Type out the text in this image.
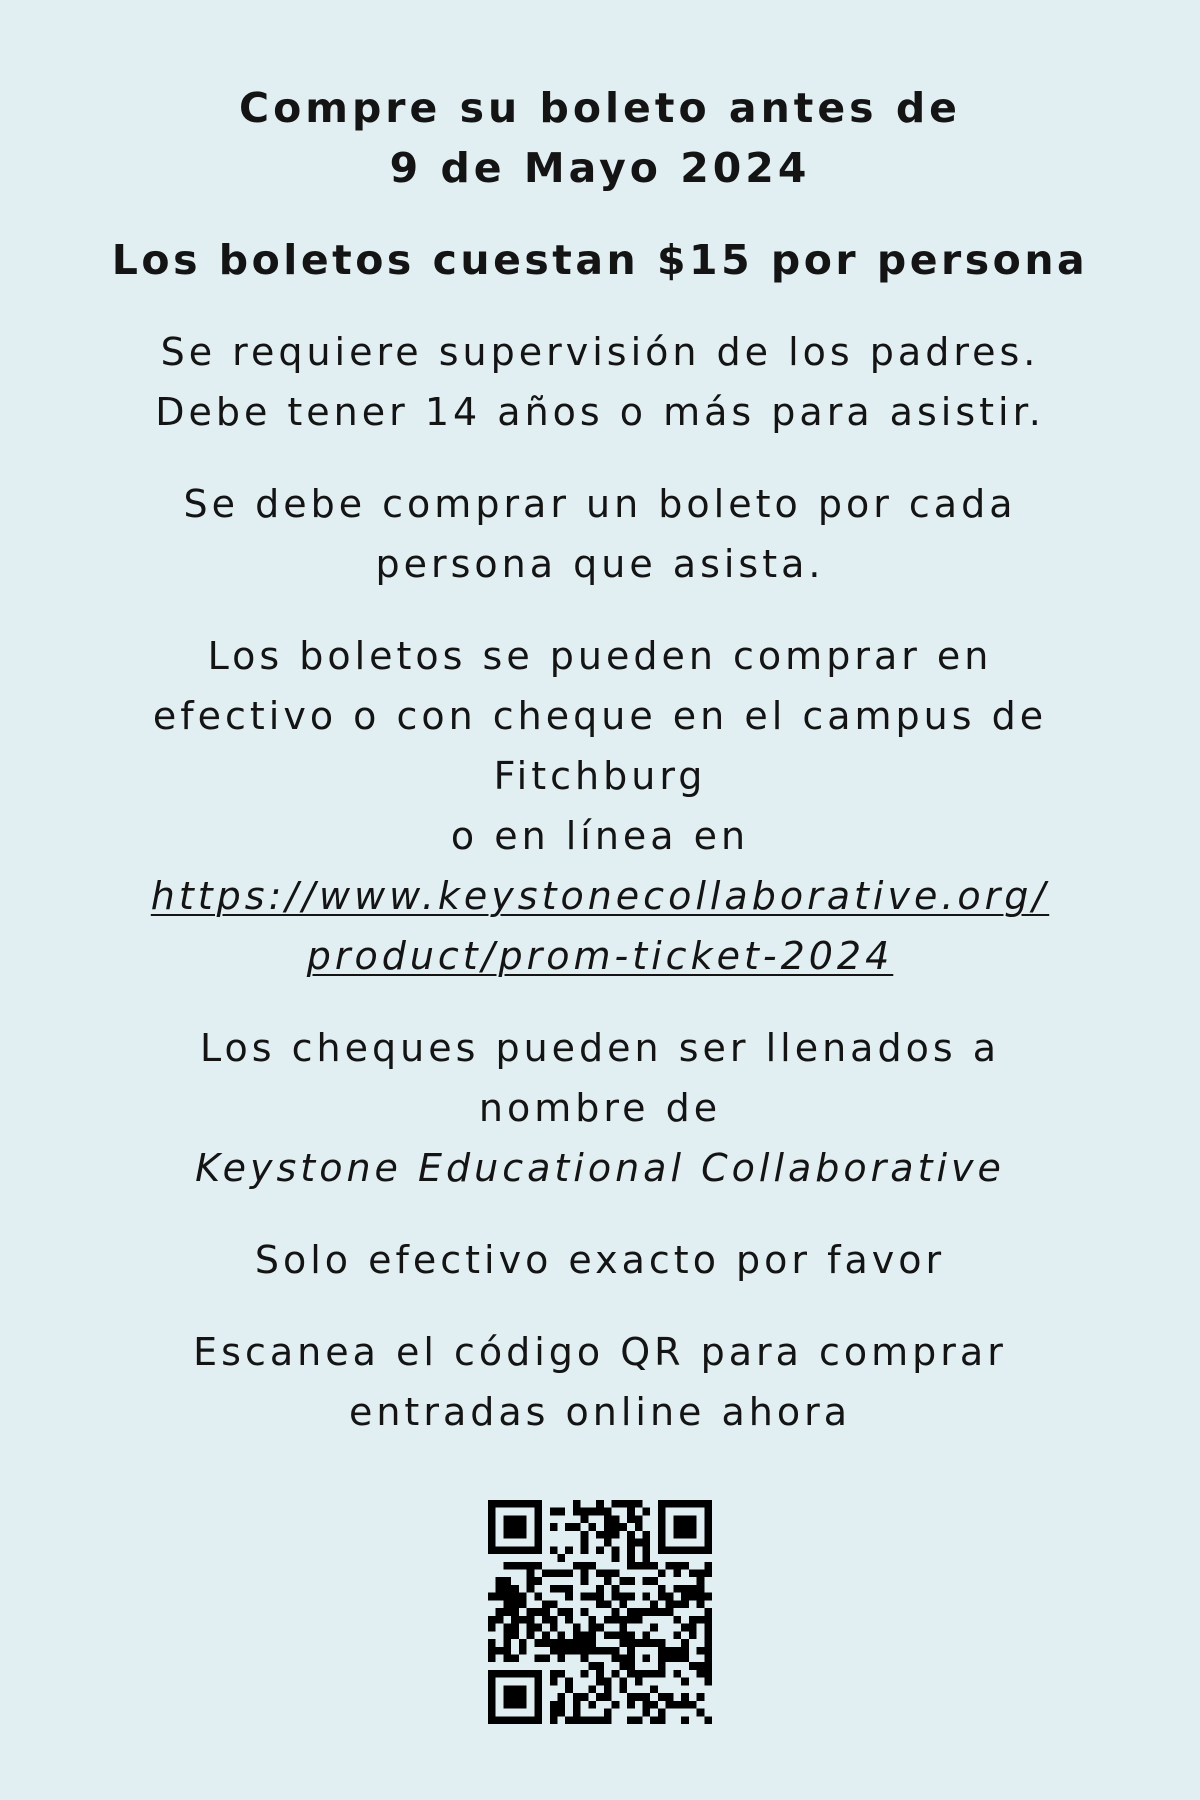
Compre su boleto antes de
9 de Mayo 2024
Los boletos cuestan $15 por persona
Se requiere supervisión de los padres.
Debe tener 14 años o más para asistir.
Se debe comprar un boleto por cada
persona que asista.
Los boletos se pueden comprar en
efectivo o con cheque en el campus de
Fitchburg
o en línea en
https://www.keystonecollaborative.org/
product/prom-ticket-2024
Los cheques pueden ser llenados a
nombre de
Keystone Educational Collaborative
Solo efectivo exacto por favor
Escanea el código QR para comprar
entradas online ahora
